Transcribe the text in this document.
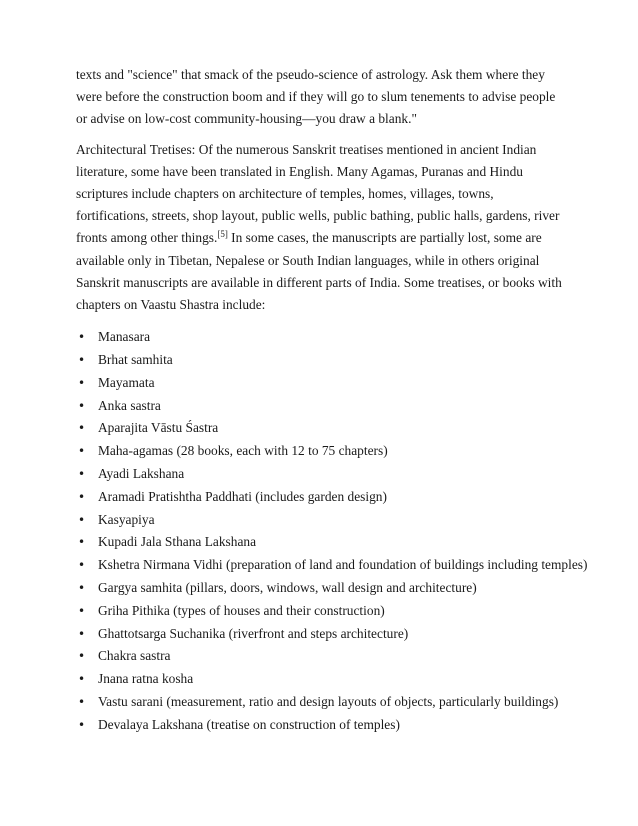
texts and "science" that smack of the pseudo-science of astrology. Ask them where they were before the construction boom and if they will go to slum tenements to advise people or advise on low-cost community-housing—you draw a blank."

Architectural Tretises: Of the numerous Sanskrit treatises mentioned in ancient Indian literature, some have been translated in English. Many Agamas, Puranas and Hindu scriptures include chapters on architecture of temples, homes, villages, towns, fortifications, streets, shop layout, public wells, public bathing, public halls, gardens, river fronts among other things.[5] In some cases, the manuscripts are partially lost, some are available only in Tibetan, Nepalese or South Indian languages, while in others original Sanskrit manuscripts are available in different parts of India. Some treatises, or books with chapters on Vaastu Shastra include:

• Manasara
• Brhat samhita
• Mayamata
• Anka sastra
• Aparajita Vāstu Śastra
• Maha-agamas (28 books, each with 12 to 75 chapters)
• Ayadi Lakshana
• Aramadi Pratishtha Paddhati (includes garden design)
• Kasyapiya
• Kupadi Jala Sthana Lakshana
• Kshetra Nirmana Vidhi (preparation of land and foundation of buildings including temples)
• Gargya samhita (pillars, doors, windows, wall design and architecture)
• Griha Pithika (types of houses and their construction)
• Ghattotsarga Suchanika (riverfront and steps architecture)
• Chakra sastra
• Jnana ratna kosha
• Vastu sarani (measurement, ratio and design layouts of objects, particularly buildings)
• Devalaya Lakshana (treatise on construction of temples)
